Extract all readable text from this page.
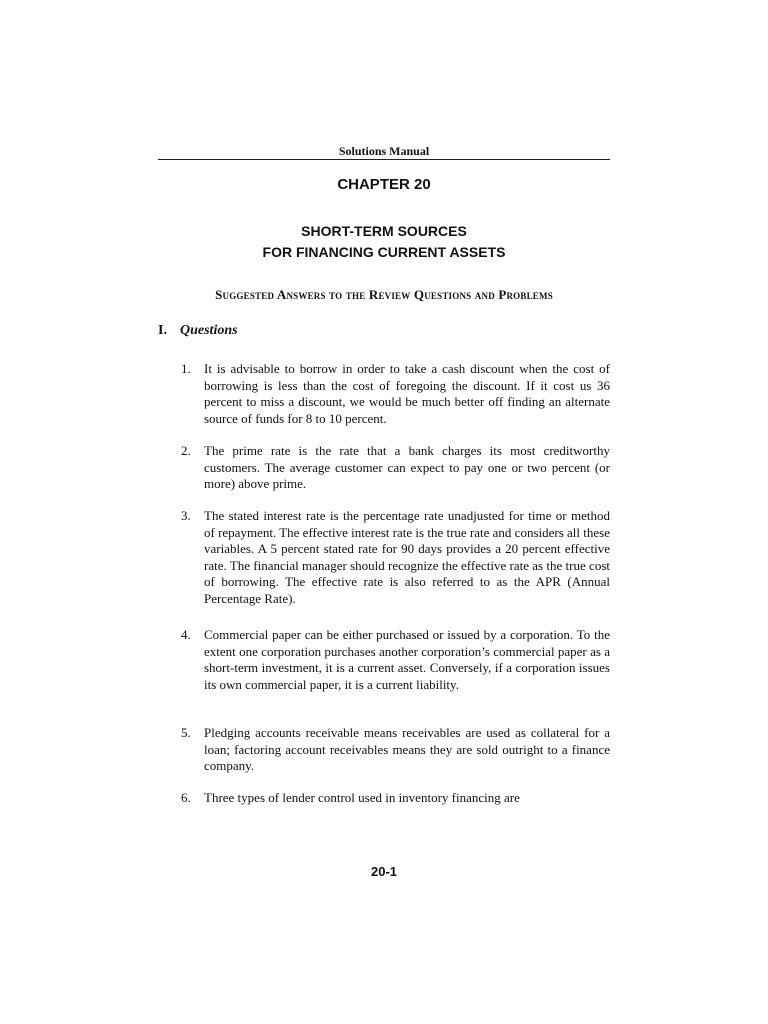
Solutions Manual
CHAPTER 20
SHORT-TERM SOURCES
FOR FINANCING CURRENT ASSETS
Suggested Answers to the Review Questions and Problems
I. Questions
1. It is advisable to borrow in order to take a cash discount when the cost of borrowing is less than the cost of foregoing the discount. If it cost us 36 percent to miss a discount, we would be much better off finding an alternate source of funds for 8 to 10 percent.
2. The prime rate is the rate that a bank charges its most creditworthy customers. The average customer can expect to pay one or two percent (or more) above prime.
3. The stated interest rate is the percentage rate unadjusted for time or method of repayment. The effective interest rate is the true rate and considers all these variables. A 5 percent stated rate for 90 days provides a 20 percent effective rate. The financial manager should recognize the effective rate as the true cost of borrowing. The effective rate is also referred to as the APR (Annual Percentage Rate).
4. Commercial paper can be either purchased or issued by a corporation. To the extent one corporation purchases another corporation’s commercial paper as a short-term investment, it is a current asset. Conversely, if a corporation issues its own commercial paper, it is a current liability.
5. Pledging accounts receivable means receivables are used as collateral for a loan; factoring account receivables means they are sold outright to a finance company.
6. Three types of lender control used in inventory financing are
20-1
